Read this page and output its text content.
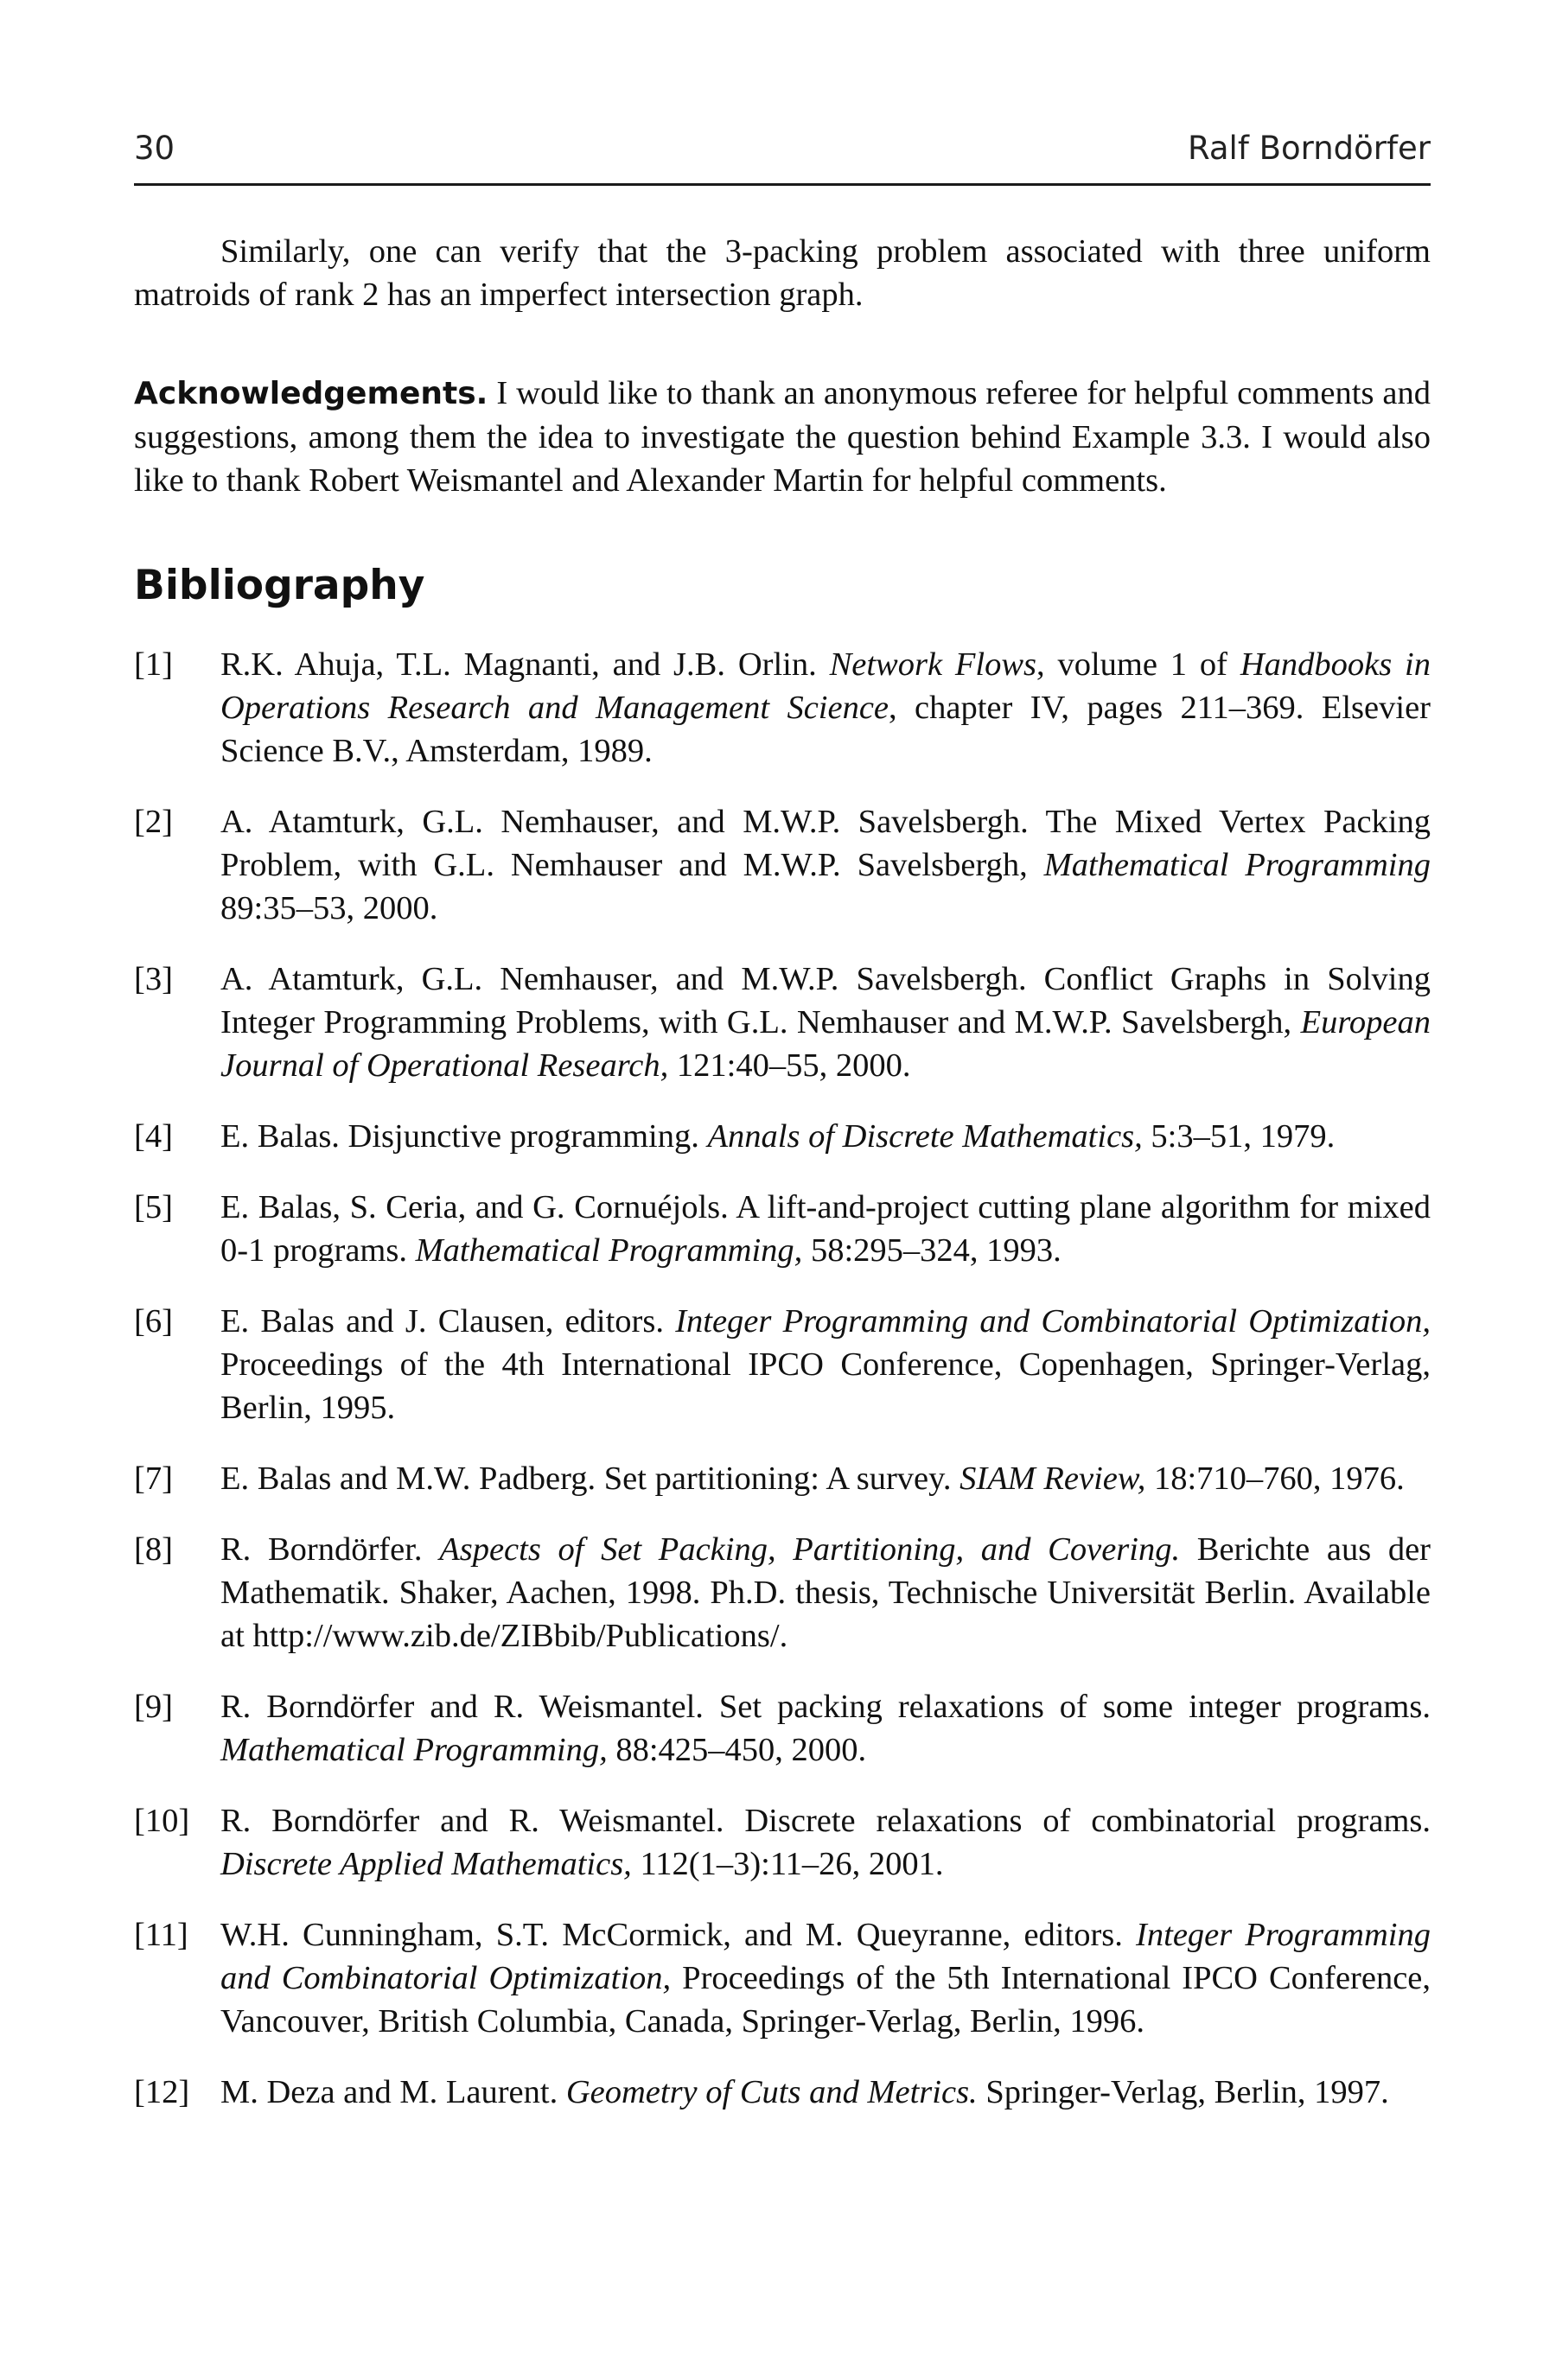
30	Ralf Borndörfer

Similarly, one can verify that the 3-packing problem associated with three uniform matroids of rank 2 has an imperfect intersection graph.

Acknowledgements. I would like to thank an anonymous referee for helpful comments and suggestions, among them the idea to investigate the question behind Example 3.3. I would also like to thank Robert Weismantel and Alexander Martin for helpful comments.

Bibliography
[1]	R.K. Ahuja, T.L. Magnanti, and J.B. Orlin. Network Flows, volume 1 of Handbooks in Operations Research and Management Science, chapter IV, pages 211–369. Elsevier Science B.V., Amsterdam, 1989.
[2]	A. Atamturk, G.L. Nemhauser, and M.W.P. Savelsbergh. The Mixed Vertex Packing Problem, with G.L. Nemhauser and M.W.P. Savelsbergh, Mathematical Programming 89:35–53, 2000.
[3]	A. Atamturk, G.L. Nemhauser, and M.W.P. Savelsbergh. Conflict Graphs in Solving Integer Programming Problems, with G.L. Nemhauser and M.W.P. Savelsbergh, European Journal of Operational Research, 121:40–55, 2000.
[4]	E. Balas. Disjunctive programming. Annals of Discrete Mathematics, 5:3–51, 1979.
[5]	E. Balas, S. Ceria, and G. Cornuéjols. A lift-and-project cutting plane algorithm for mixed 0-1 programs. Mathematical Programming, 58:295–324, 1993.
[6]	E. Balas and J. Clausen, editors. Integer Programming and Combinatorial Optimization, Proceedings of the 4th International IPCO Conference, Copenhagen, Springer-Verlag, Berlin, 1995.
[7]	E. Balas and M.W. Padberg. Set partitioning: A survey. SIAM Review, 18:710–760, 1976.
[8]	R. Borndörfer. Aspects of Set Packing, Partitioning, and Covering. Berichte aus der Mathematik. Shaker, Aachen, 1998. Ph.D. thesis, Technische Universität Berlin. Available at http://www.zib.de/ZIBbib/Publications/.
[9]	R. Borndörfer and R. Weismantel. Set packing relaxations of some integer programs. Mathematical Programming, 88:425–450, 2000.
[10] R. Borndörfer and R. Weismantel. Discrete relaxations of combinatorial programs. Discrete Applied Mathematics, 112(1–3):11–26, 2001.
[11] W.H. Cunningham, S.T. McCormick, and M. Queyranne, editors. Integer Programming and Combinatorial Optimization, Proceedings of the 5th International IPCO Conference, Vancouver, British Columbia, Canada, Springer-Verlag, Berlin, 1996.
[12] M. Deza and M. Laurent. Geometry of Cuts and Metrics. Springer-Verlag, Berlin, 1997.
